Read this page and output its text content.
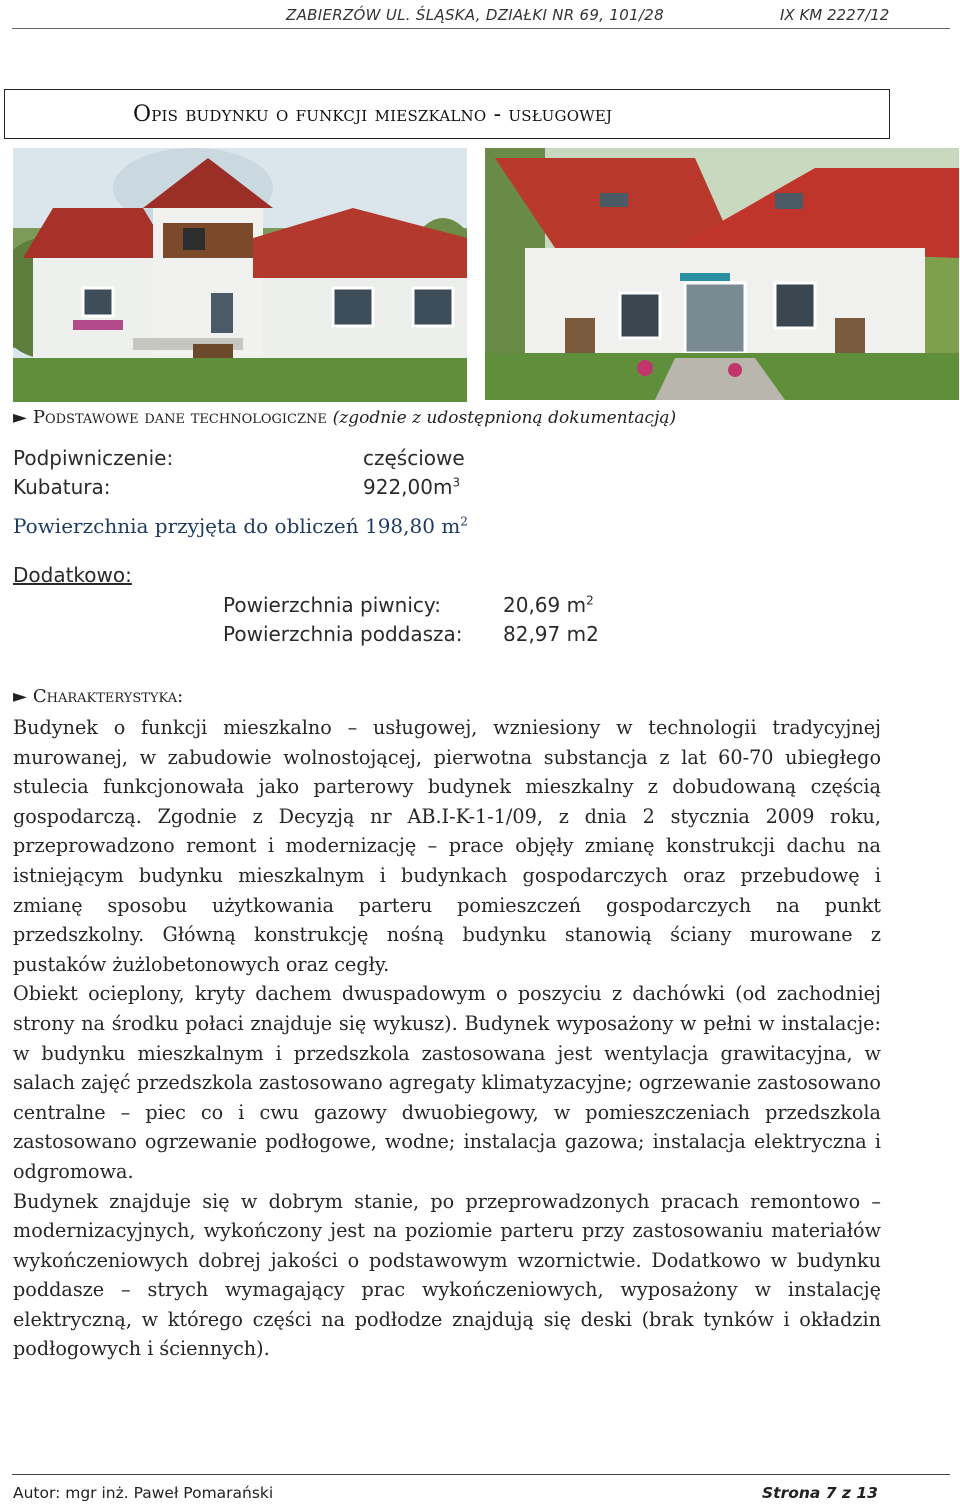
ZABIERZÓW UL. ŚLĄSKA, DZIAŁKI NR 69, 101/28	IX KM 2227/12
Opis budynku o funkcji mieszkalno - usługowej
► Podstawowe dane technologiczne (zgodnie z udostępnioną dokumentacją)
Podpiwniczenie:	częściowe
Kubatura:	$922,00m^3$
Powierzchnia przyjęta do obliczeń 198,80 $m^2$
Dodatkowo:
Powierzchnia piwnicy:	20,69 $m^2$
Powierzchnia poddasza: 82,97 m2
► Charakterystyka:

Budynek o funkcji mieszkalno – usługowej, wzniesiony w technologii tradycyjnej murowanej, w zabudowie wolnostojącej, pierwotna substancja z lat 60-70 ubiegłego stulecia funkcjonowała jako parterowy budynek mieszkalny z dobudowaną częścią gospodarczą. Zgodnie z Decyzją nr AB.I-K-1-1/09, z dnia 2 stycznia 2009 roku, przeprowadzono remont i modernizację – prace objęły zmianę konstrukcji dachu na istniejącym budynku mieszkalnym i budynkach gospodarczych oraz przebudowę i zmianę sposobu użytkowania parteru pomieszczeń gospodarczych na punkt przedszkolny. Główną konstrukcję nośną budynku stanowią ściany murowane z pustaków żużlobetonowych oraz cegły.

Obiekt ocieplony, kryty dachem dwuspadowym o poszyciu z dachówki (od zachodniej strony na środku połaci znajduje się wykusz). Budynek wyposażony w pełni w instalacje: w budynku mieszkalnym i przedszkola zastosowana jest wentylacja grawitacyjna, w salach zajęć przedszkola zastosowano agregaty klimatyzacyjne; ogrzewanie zastosowano centralne – piec co i cwu gazowy dwuobiegowy, w pomieszczeniach przedszkola zastosowano ogrzewanie podłogowe, wodne; instalacja gazowa; instalacja elektryczna i odgromowa.

Budynek znajduje się w dobrym stanie, po przeprowadzonych pracach remontowo – modernizacyjnych, wykończony jest na poziomie parteru przy zastosowaniu materiałów wykończeniowych dobrej jakości o podstawowym wzornictwie. Dodatkowo w budynku poddasze – strych wymagający prac wykończeniowych, wyposażony w instalację elektryczną, w którego części na podłodze znajdują się deski (brak tynków i okładzin podłogowych i ściennych).

Autor: mgr inż. Paweł Pomarański	Strona 7 z 13
